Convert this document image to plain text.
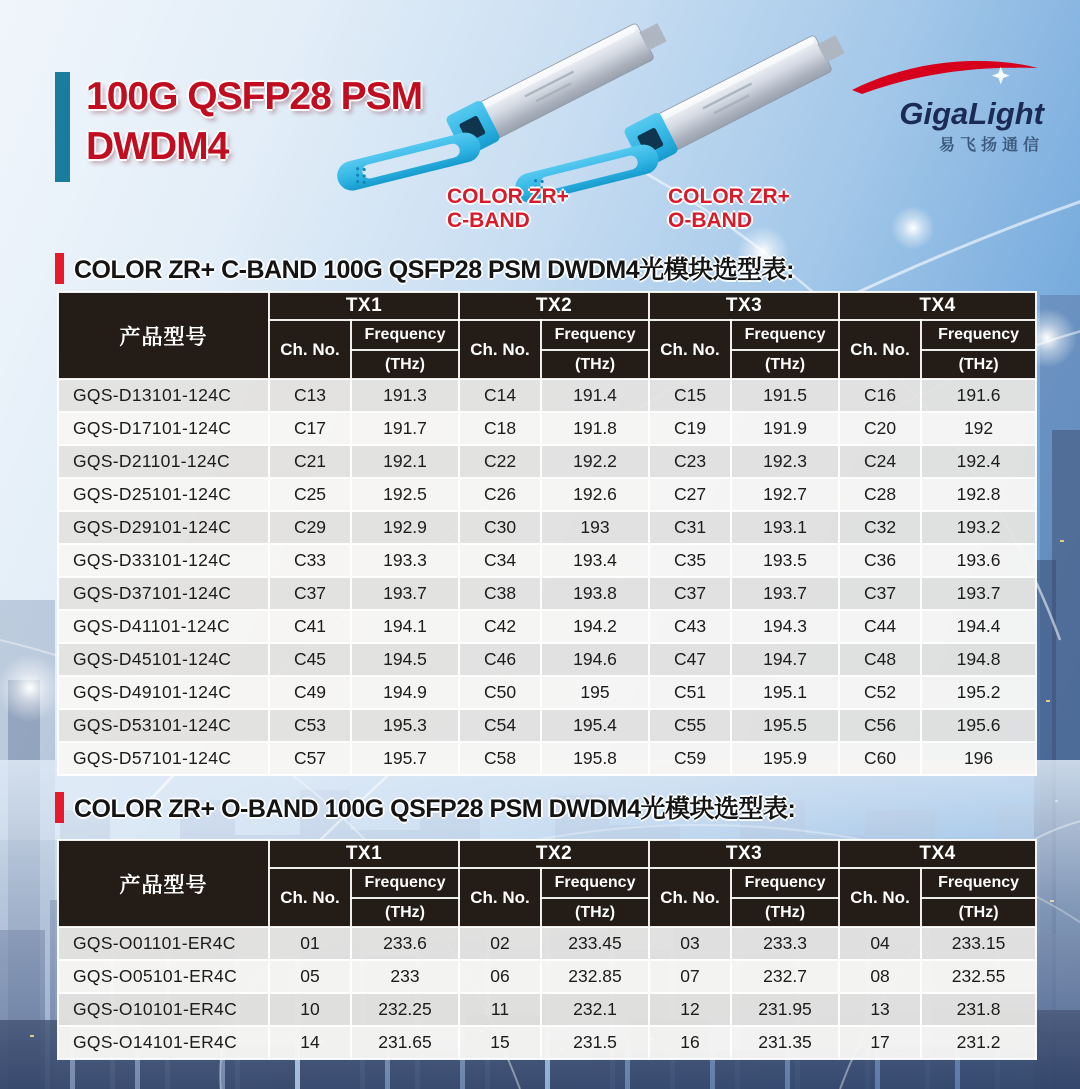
100G QSFP28 PSM
DWDM4
GigaLight
易飞扬通信
COLOR ZR+
C-BAND
COLOR ZR+
O-BAND
COLOR ZR+ C-BAND 100G QSFP28 PSM DWDM4光模块选型表:
产品型号	TX1		TX2		TX3		TX4	
	Ch. No.	Frequency	Ch. No.	Frequency	Ch. No.	Frequency	Ch. No.	Frequency
		(THz)		(THz)		(THz)		(THz)
GQS-D13101-124C	C13	191.3	C14	191.4	C15	191.5	C16	191.6
GQS-D17101-124C	C17	191.7	C18	191.8	C19	191.9	C20	192
GQS-D21101-124C	C21	192.1	C22	192.2	C23	192.3	C24	192.4
GQS-D25101-124C	C25	192.5	C26	192.6	C27	192.7	C28	192.8
GQS-D29101-124C	C29	192.9	C30	193	C31	193.1	C32	193.2
GQS-D33101-124C	C33	193.3	C34	193.4	C35	193.5	C36	193.6
GQS-D37101-124C	C37	193.7	C38	193.8	C37	193.7	C37	193.7
GQS-D41101-124C	C41	194.1	C42	194.2	C43	194.3	C44	194.4
GQS-D45101-124C	C45	194.5	C46	194.6	C47	194.7	C48	194.8
GQS-D49101-124C	C49	194.9	C50	195	C51	195.1	C52	195.2
GQS-D53101-124C	C53	195.3	C54	195.4	C55	195.5	C56	195.6
GQS-D57101-124C	C57	195.7	C58	195.8	C59	195.9	C60	196
COLOR ZR+ O-BAND 100G QSFP28 PSM DWDM4光模块选型表:
产品型号	TX1		TX2		TX3		TX4	
	Ch. No.	Frequency	Ch. No.	Frequency	Ch. No.	Frequency	Ch. No.	Frequency
		(THz)		(THz)		(THz)		(THz)
GQS-O01101-ER4C	01	233.6	02	233.45	03	233.3	04	233.15
GQS-O05101-ER4C	05	233	06	232.85	07	232.7	08	232.55
GQS-O10101-ER4C	10	232.25	11	232.1	12	231.95	13	231.8
GQS-O14101-ER4C	14	231.65	15	231.5	16	231.35	17	231.2
